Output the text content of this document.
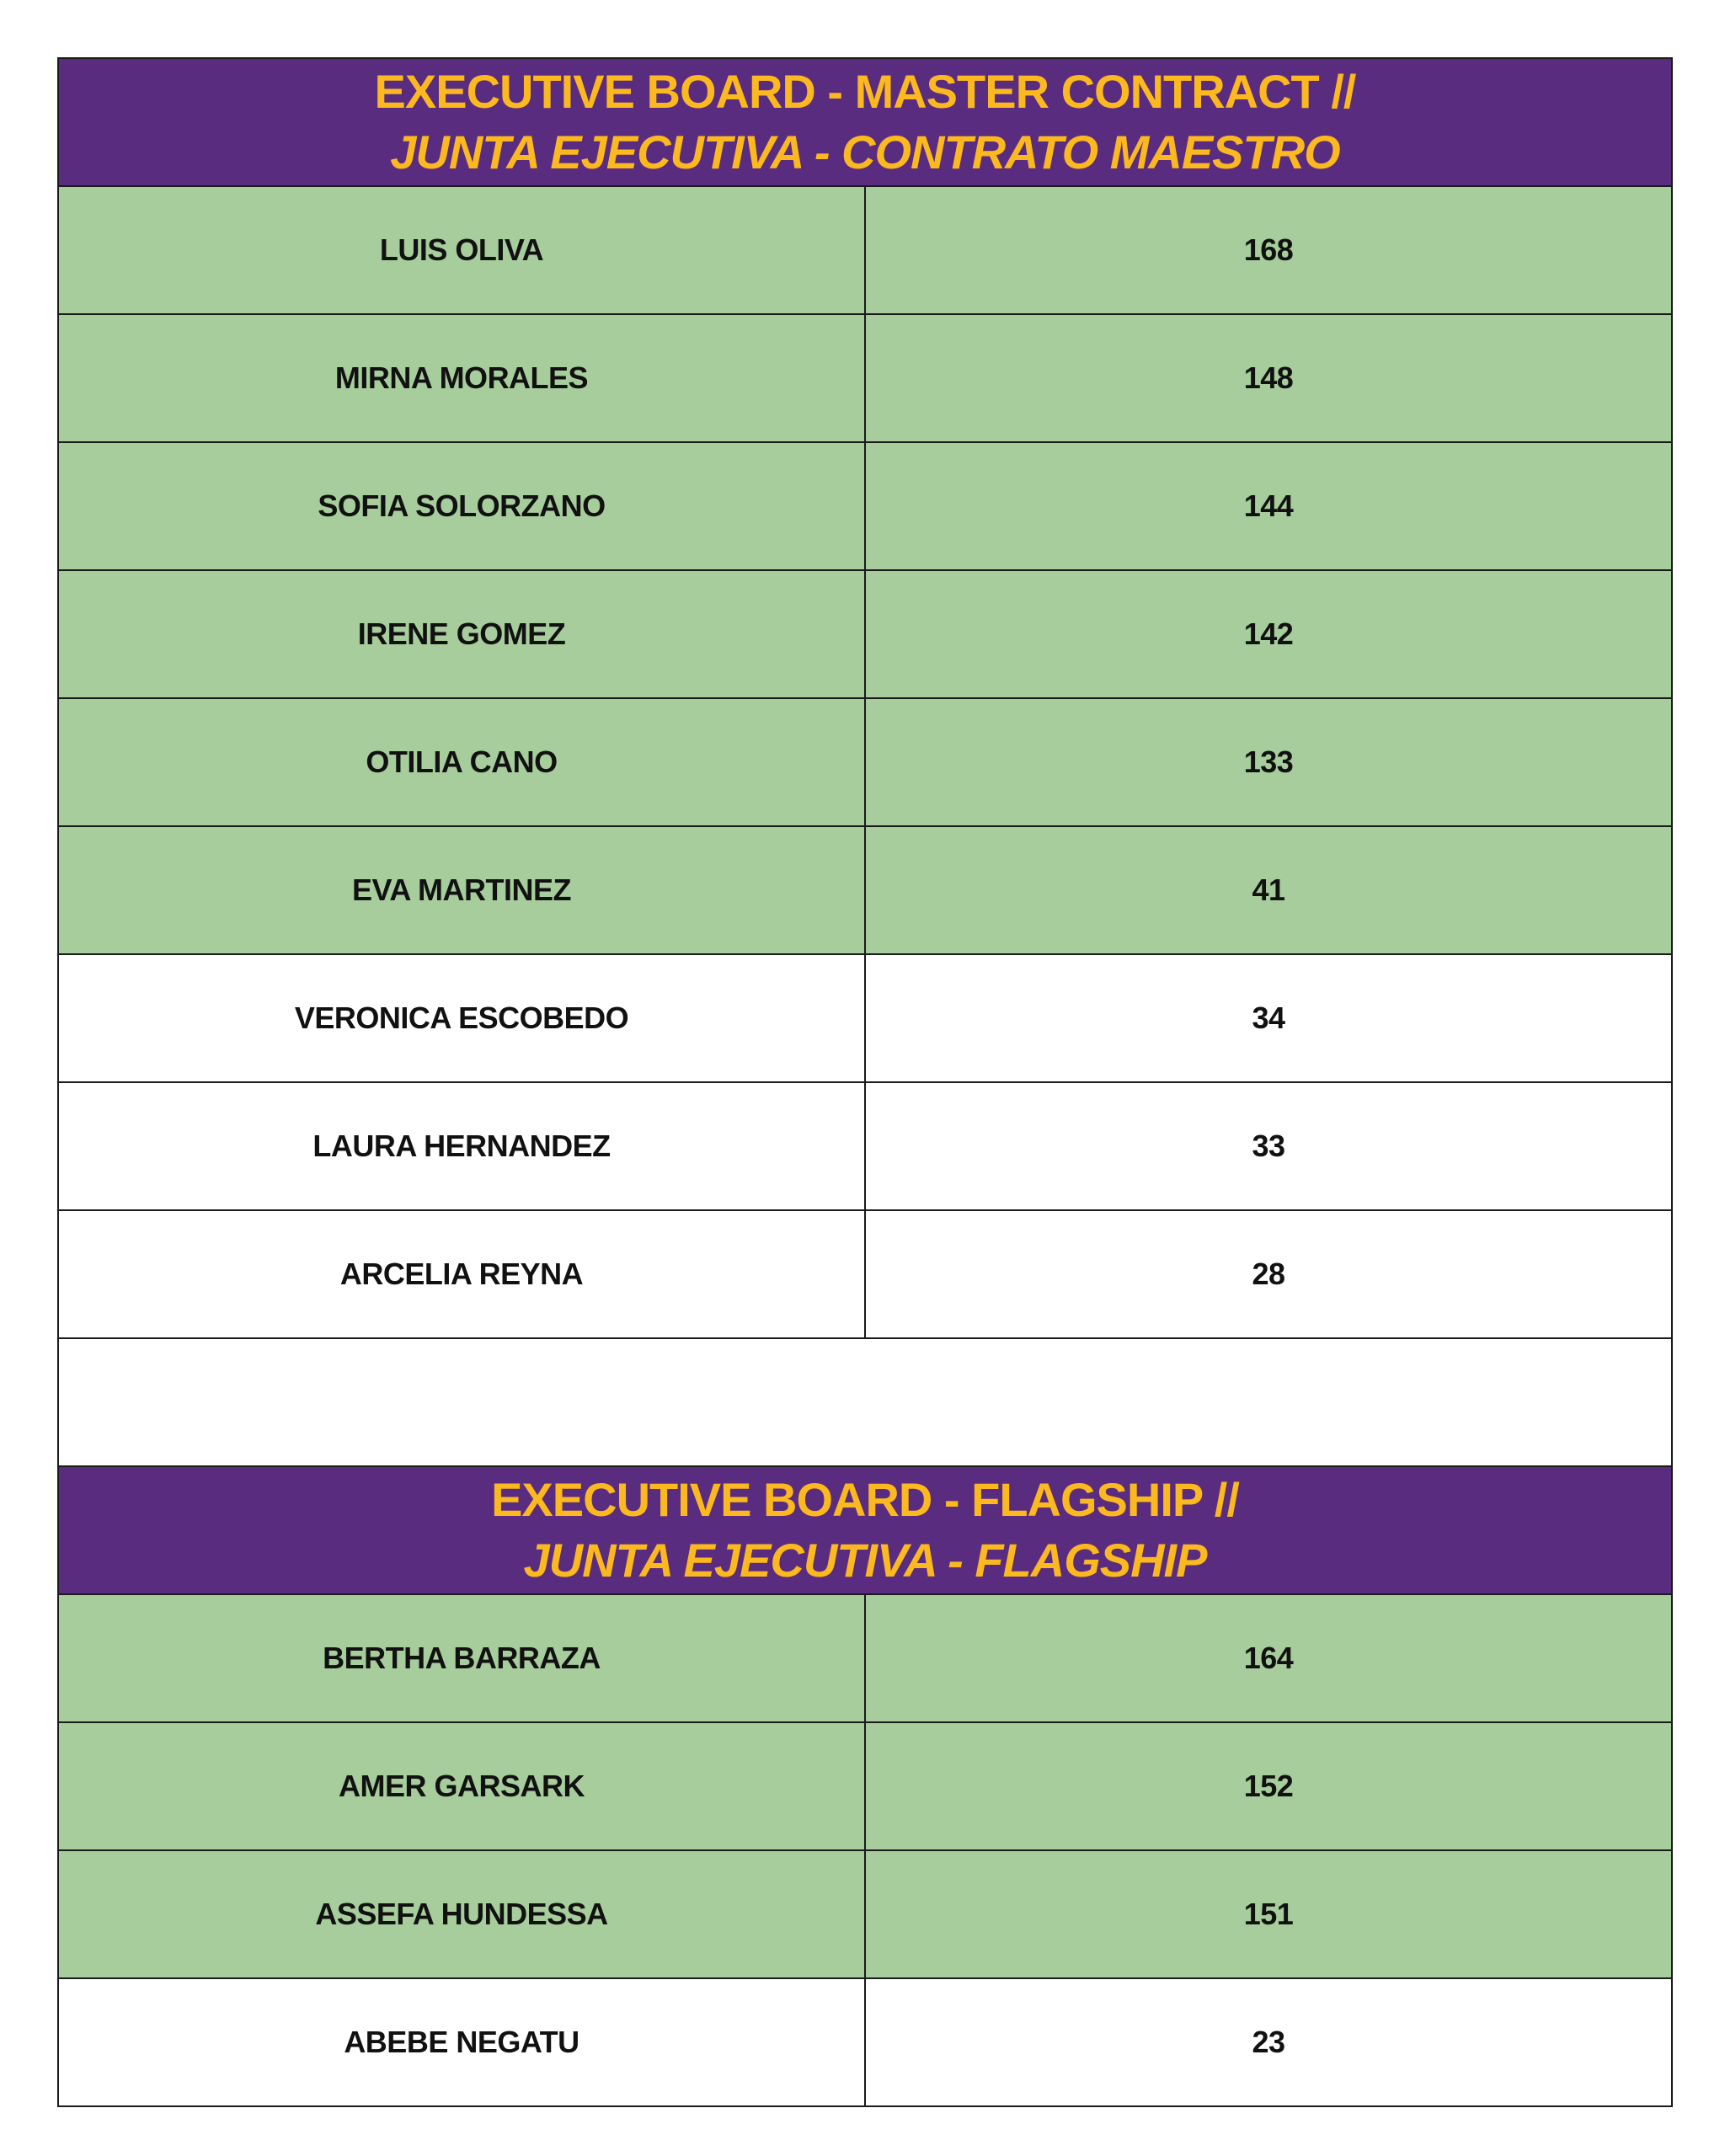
EXECUTIVE BOARD - MASTER CONTRACT //
JUNTA EJECUTIVA - CONTRATO MAESTRO
LUIS OLIVA	168
MIRNA MORALES	148
SOFIA SOLORZANO	144
IRENE GOMEZ	142
OTILIA CANO	133
EVA MARTINEZ	41
VERONICA ESCOBEDO	34
LAURA HERNANDEZ	33
ARCELIA REYNA	28
EXECUTIVE BOARD - FLAGSHIP //
JUNTA EJECUTIVA - FLAGSHIP
BERTHA BARRAZA	164
AMER GARSARK	152
ASSEFA HUNDESSA	151
ABEBE NEGATU	23
